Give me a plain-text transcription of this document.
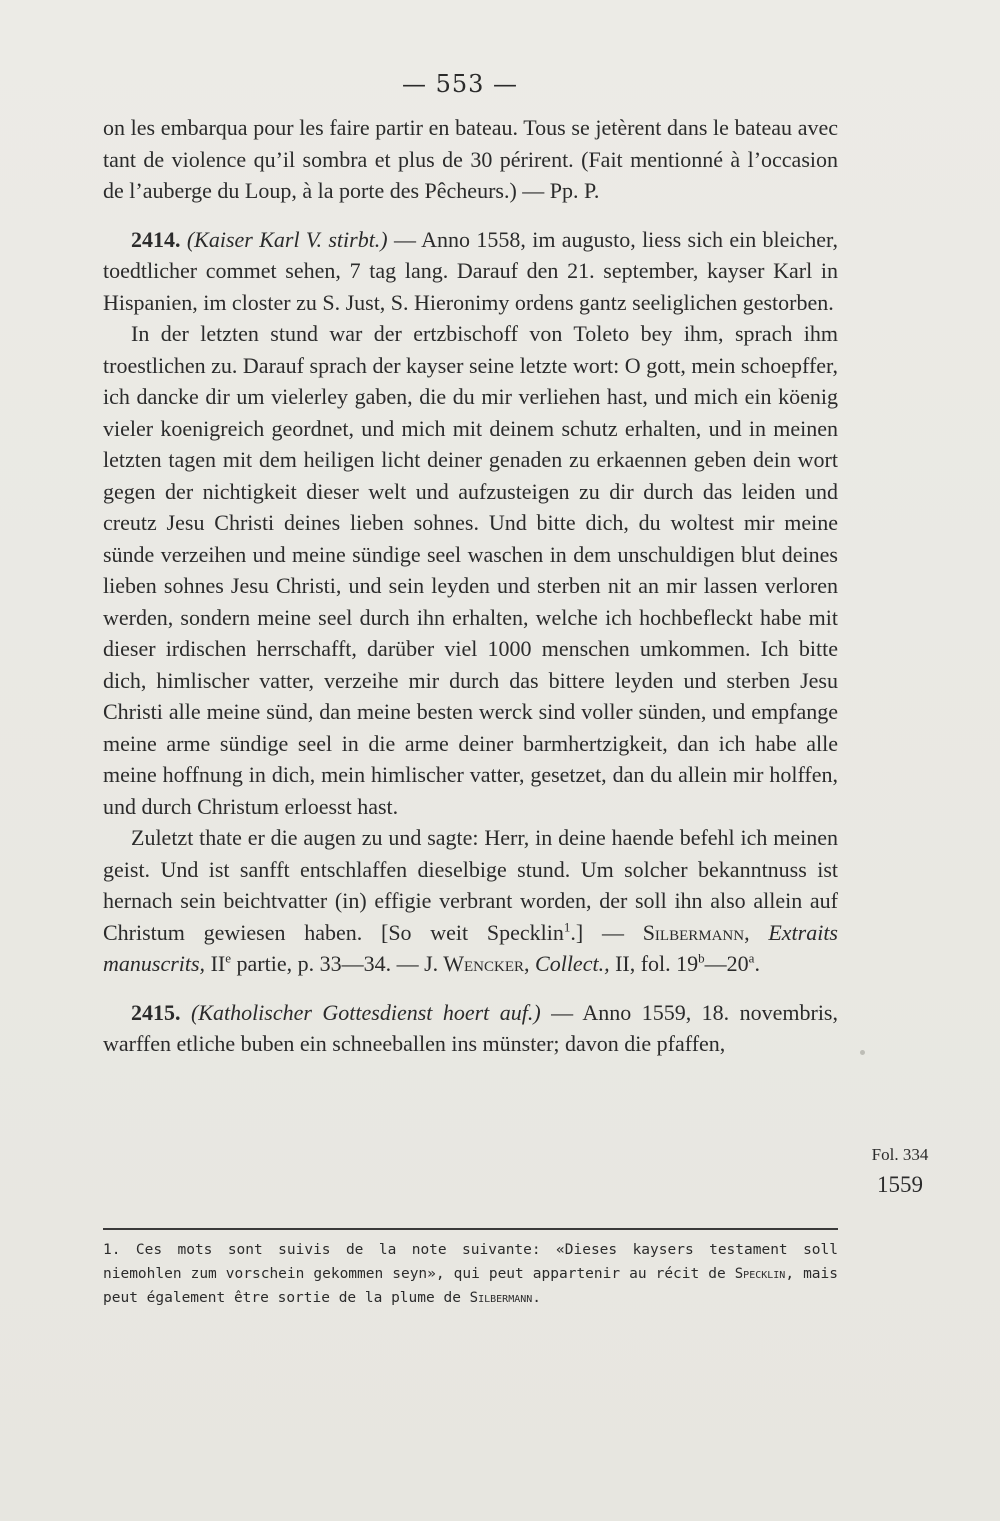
— 553 —

on les embarqua pour les faire partir en bateau. Tous se jetèrent dans le bateau avec tant de violence qu’il sombra et plus de 30 périrent. (Fait mentionné à l’occasion de l’auberge du Loup, à la porte des Pêcheurs.) — Pp. P.

2414. (Kaiser Karl V. stirbt.) — Anno 1558, im augusto, liess sich ein bleicher, toedtlicher commet sehen, 7 tag lang. Darauf den 21. september, kayser Karl in Hispanien, im closter zu S. Just, S. Hieronimy ordens gantz seeliglichen gestorben.

In der letzten stund war der ertzbischoff von Toleto bey ihm, sprach ihm troestlichen zu. Darauf sprach der kayser seine letzte wort: O gott, mein schoepffer, ich dancke dir um vielerley gaben, die du mir verliehen hast, und mich ein köenig vieler koenigreich geordnet, und mich mit deinem schutz erhalten, und in meinen letzten tagen mit dem heiligen licht deiner genaden zu erkaennen geben dein wort gegen der nichtigkeit dieser welt und aufzusteigen zu dir durch das leiden und creutz Jesu Christi deines lieben sohnes. Und bitte dich, du woltest mir meine sünde verzeihen und meine sündige seel waschen in dem unschuldigen blut deines lieben sohnes Jesu Christi, und sein leyden und sterben nit an mir lassen verloren werden, sondern meine seel durch ihn erhalten, welche ich hochbefleckt habe mit dieser irdischen herrschafft, darüber viel 1000 menschen umkommen. Ich bitte dich, himlischer vatter, verzeihe mir durch das bittere leyden und sterben Jesu Christi alle meine sünd, dan meine besten werck sind voller sünden, und empfange meine arme sündige seel in die arme deiner barmhertzigkeit, dan ich habe alle meine hoffnung in dich, mein himlischer vatter, gesetzet, dan du allein mir holffen, und durch Christum erloesst hast.

Zuletzt thate er die augen zu und sagte: Herr, in deine haende befehl ich meinen geist. Und ist sanfft entschlaffen dieselbige stund. Um solcher bekanntnuss ist hernach sein beichtvatter (in) effigie verbrant worden, der soll ihn also allein auf Christum gewiesen haben. [So weit Specklin$^1$.] — Silbermann, Extraits manuscrits, IIe partie, p. 33—34. — J. Wencker, Collect., II, fol. 19$^b$—20$^a$.

2415. (Katholischer Gottesdienst hoert auf.) — Anno 1559, 18. novembris, warffen etliche buben ein schneeballen ins münster; davon die pfaffen,

Fol. 334
1559
1. Ces mots sont suivis de la note suivante: «Dieses kaysers testament soll niemohlen zum vorschein gekommen seyn», qui peut appartenir au récit de Specklin, mais peut également être sortie de la plume de Silbermann.
